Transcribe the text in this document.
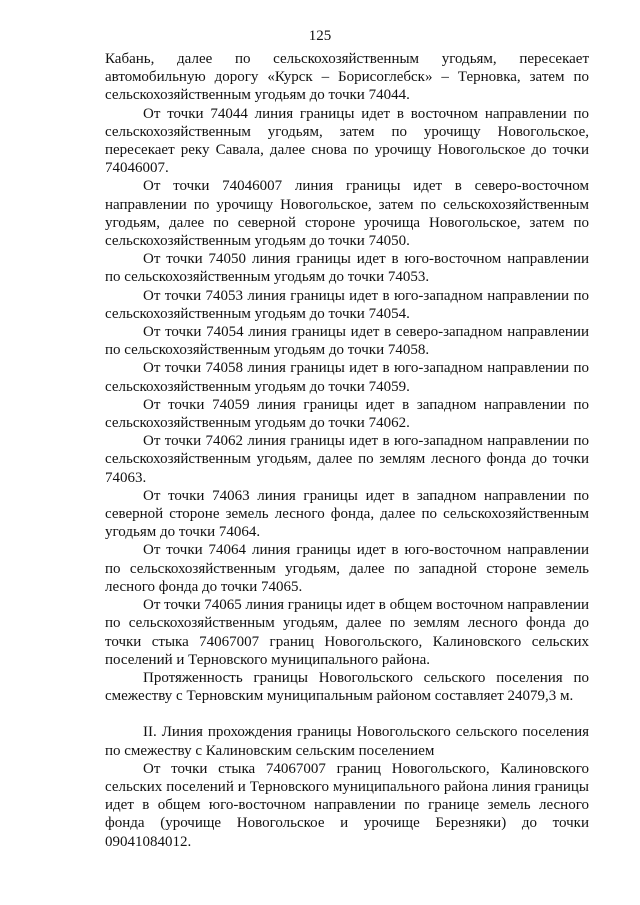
125

Кабань, далее по сельскохозяйственным угодьям, пересекает автомобильную дорогу «Курск – Борисоглебск» – Терновка, затем по сельскохозяйственным угодьям до точки 74044.

От точки 74044 линия границы идет в восточном направлении по сельскохозяйственным угодьям, затем по урочищу Новогольское, пересекает реку Савала, далее снова по урочищу Новогольское до точки 74046007.

От точки 74046007 линия границы идет в северо-восточном направлении по урочищу Новогольское, затем по сельскохозяйственным угодьям, далее по северной стороне урочища Новогольское, затем по сельскохозяйственным угодьям до точки 74050.

От точки 74050 линия границы идет в юго-восточном направлении по сельскохозяйственным угодьям до точки 74053.

От точки 74053 линия границы идет в юго-западном направлении по сельскохозяйственным угодьям до точки 74054.

От точки 74054 линия границы идет в северо-западном направлении по сельскохозяйственным угодьям до точки 74058.

От точки 74058 линия границы идет в юго-западном направлении по сельскохозяйственным угодьям до точки 74059.

От точки 74059 линия границы идет в западном направлении по сельскохозяйственным угодьям до точки 74062.

От точки 74062 линия границы идет в юго-западном направлении по сельскохозяйственным угодьям, далее по землям лесного фонда до точки 74063.

От точки 74063 линия границы идет в западном направлении по северной стороне земель лесного фонда, далее по сельскохозяйственным угодьям до точки 74064.

От точки 74064 линия границы идет в юго-восточном направлении по сельскохозяйственным угодьям, далее по западной стороне земель лесного фонда до точки 74065.

От точки 74065 линия границы идет в общем восточном направлении по сельскохозяйственным угодьям, далее по землям лесного фонда до точки стыка 74067007 границ Новогольского, Калиновского сельских поселений и Терновского муниципального района.

Протяженность границы Новогольского сельского поселения по смежеству с Терновским муниципальным районом составляет 24079,3 м.

II. Линия прохождения границы Новогольского сельского поселения по смежеству с Калиновским сельским поселением

От точки стыка 74067007 границ Новогольского, Калиновского сельских поселений и Терновского муниципального района линия границы идет в общем юго-восточном направлении по границе земель лесного фонда (урочище Новогольское и урочище Березняки) до точки 09041084012.
